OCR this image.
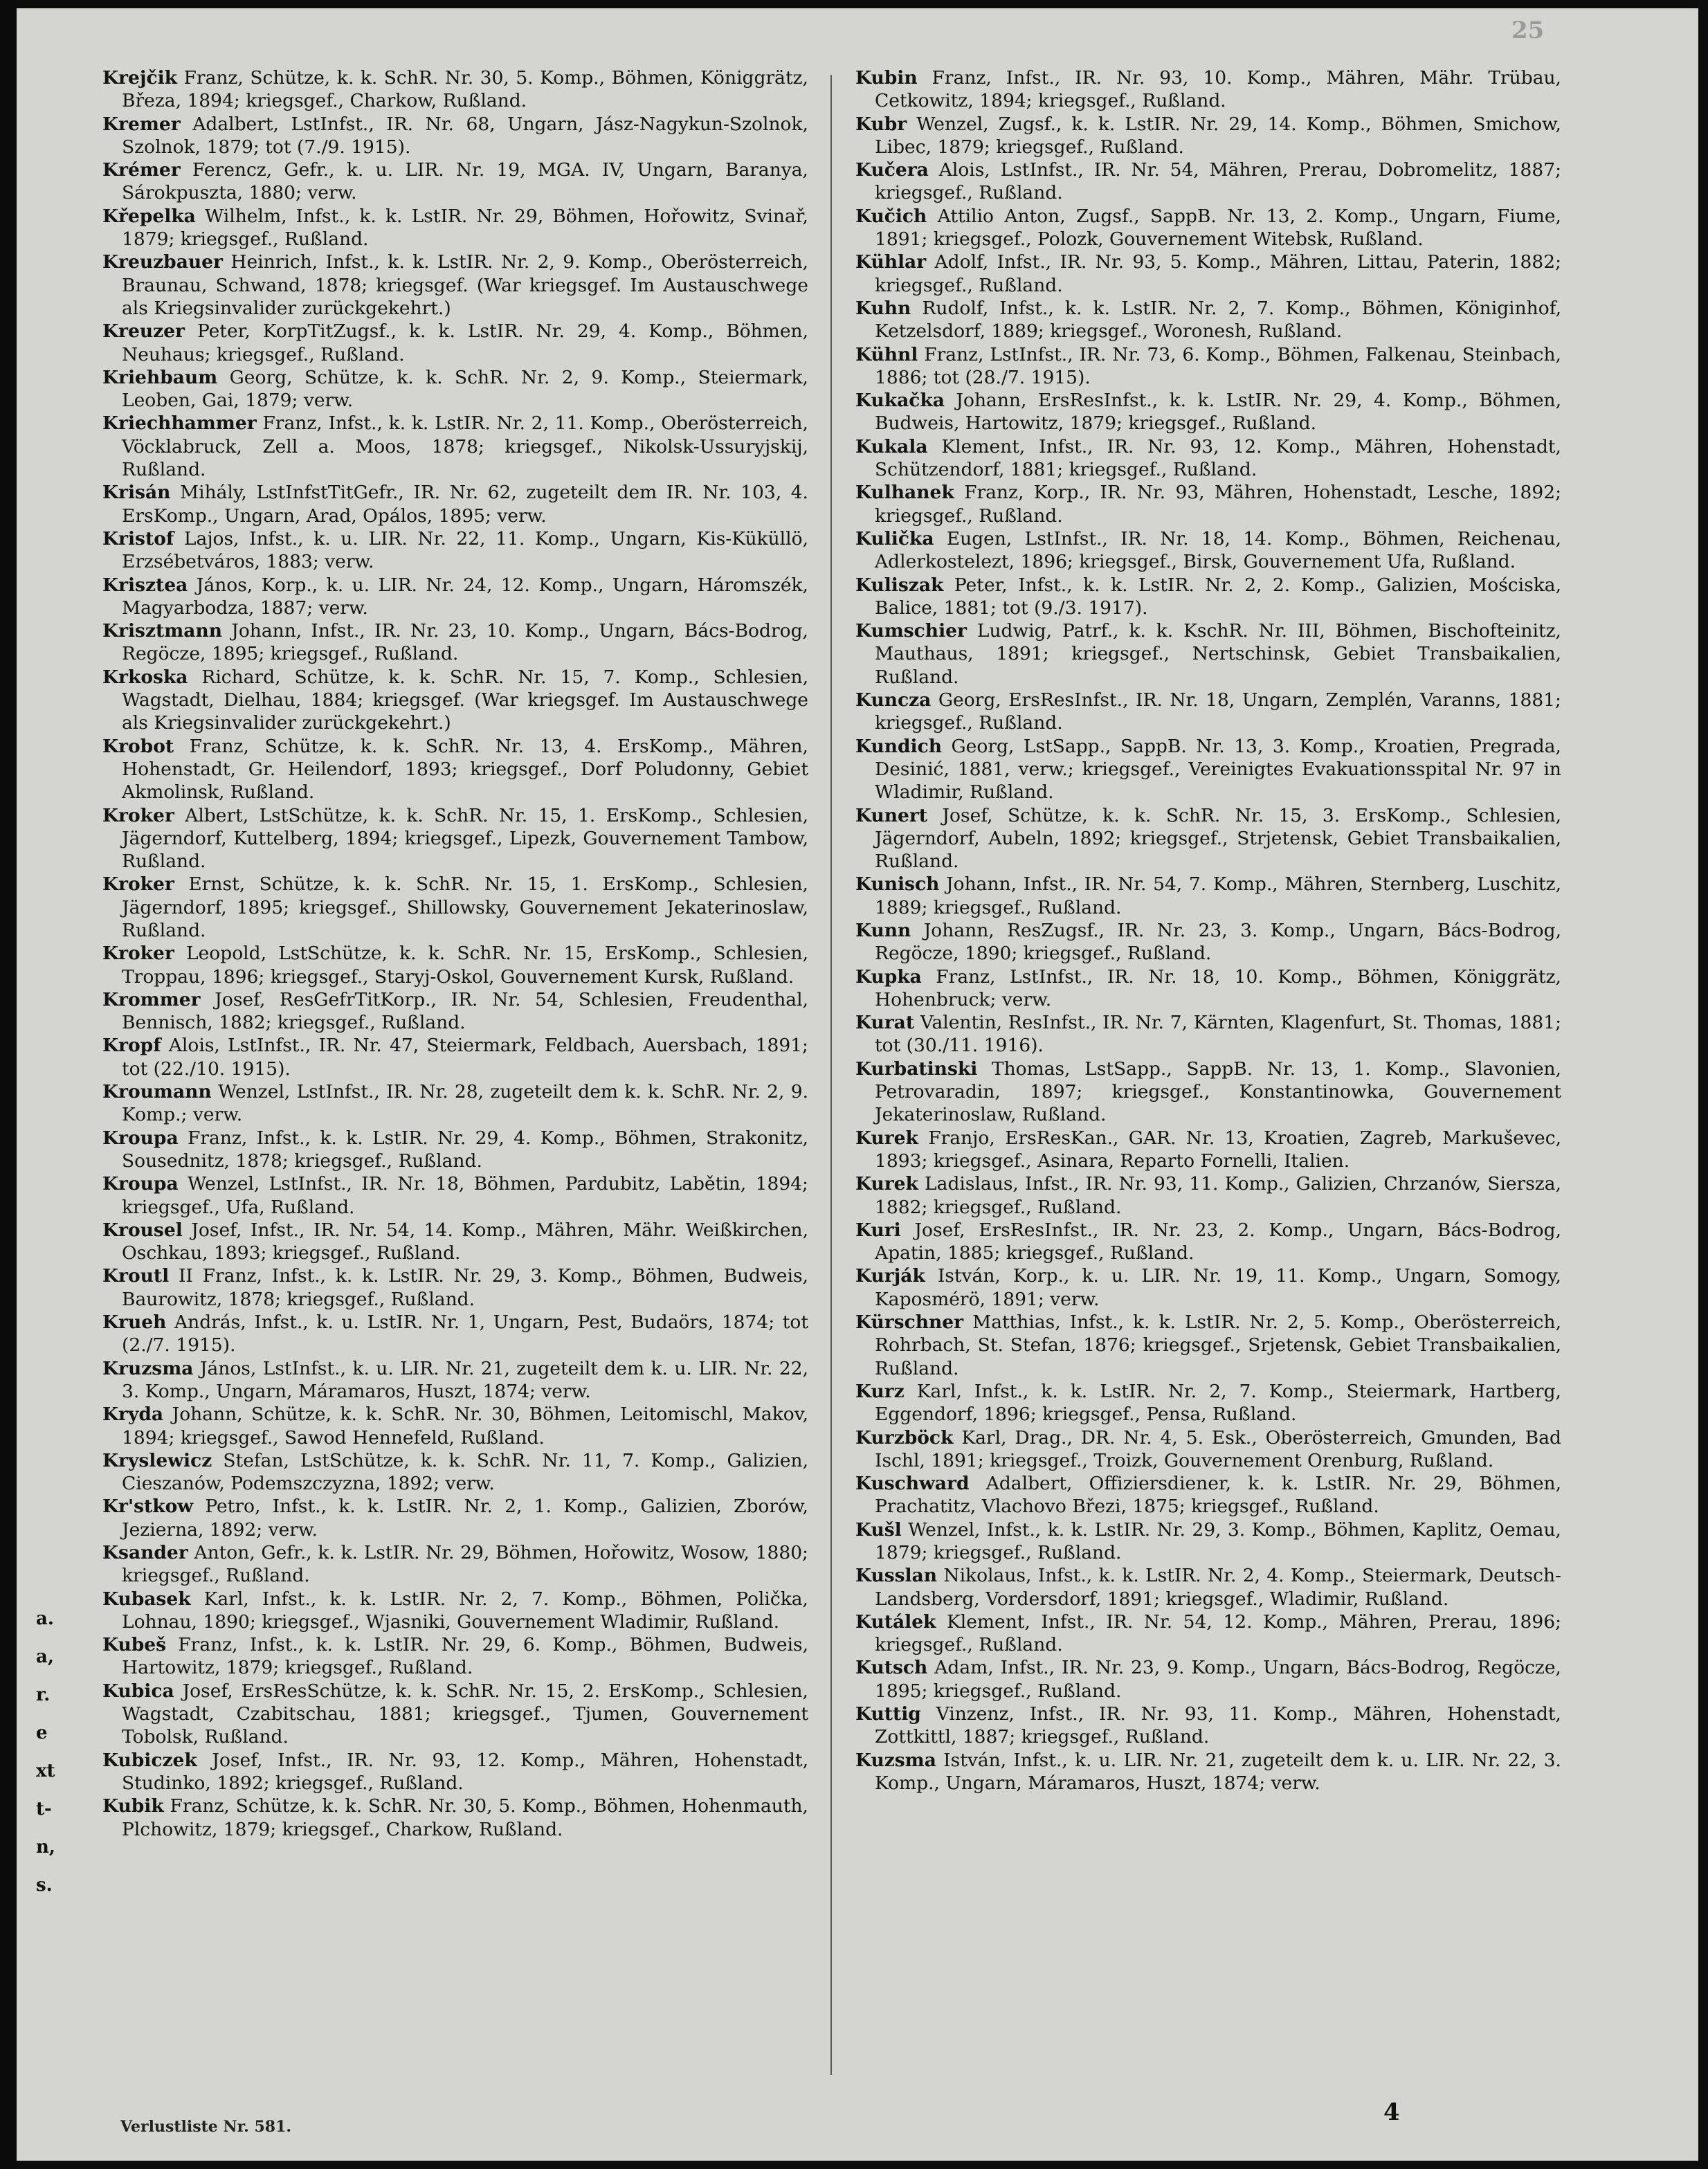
25

Krejčik Franz, Schütze, k. k. SchR. Nr. 30, 5. Komp., Böhmen, Königgrätz, Březa, 1894; kriegsgef., Charkow, Rußland.

Kremer Adalbert, LstInfst., IR. Nr. 68, Ungarn, Jász-Nagykun-Szolnok, Szolnok, 1879; tot (7./9. 1915).

Krémer Ferencz, Gefr., k. u. LIR. Nr. 19, MGA. IV, Ungarn, Baranya, Sárokpuszta, 1880; verw.

Křepelka Wilhelm, Infst., k. k. LstIR. Nr. 29, Böhmen, Hořowitz, Svinař, 1879; kriegsgef., Rußland.

Kreuzbauer Heinrich, Infst., k. k. LstIR. Nr. 2, 9. Komp., Oberösterreich, Braunau, Schwand, 1878; kriegsgef. (War kriegsgef. Im Austauschwege als Kriegsinvalider zurückgekehrt.)

Kreuzer Peter, KorpTitZugsf., k. k. LstIR. Nr. 29, 4. Komp., Böhmen, Neuhaus; kriegsgef., Rußland.

Kriehbaum Georg, Schütze, k. k. SchR. Nr. 2, 9. Komp., Steiermark, Leoben, Gai, 1879; verw.

Kriechhammer Franz, Infst., k. k. LstIR. Nr. 2, 11. Komp., Oberösterreich, Vöcklabruck, Zell a. Moos, 1878; kriegsgef., Nikolsk-Ussuryjskij, Rußland.

Krisán Mihály, LstInfstTitGefr., IR. Nr. 62, zugeteilt dem IR. Nr. 103, 4. ErsKomp., Ungarn, Arad, Opálos, 1895; verw.

Kristof Lajos, Infst., k. u. LIR. Nr. 22, 11. Komp., Ungarn, Kis-Küküllö, Erzsébetváros, 1883; verw.

Krisztea János, Korp., k. u. LIR. Nr. 24, 12. Komp., Ungarn, Háromszék, Magyarbodza, 1887; verw.

Krisztmann Johann, Infst., IR. Nr. 23, 10. Komp., Ungarn, Bács-Bodrog, Regöcze, 1895; kriegsgef., Rußland.

Krkoska Richard, Schütze, k. k. SchR. Nr. 15, 7. Komp., Schlesien, Wagstadt, Dielhau, 1884; kriegsgef. (War kriegsgef. Im Austauschwege als Kriegsinvalider zurückgekehrt.)

Krobot Franz, Schütze, k. k. SchR. Nr. 13, 4. ErsKomp., Mähren, Hohenstadt, Gr. Heilendorf, 1893; kriegsgef., Dorf Poludonny, Gebiet Akmolinsk, Rußland.

Kroker Albert, LstSchütze, k. k. SchR. Nr. 15, 1. ErsKomp., Schlesien, Jägerndorf, Kuttelberg, 1894; kriegsgef., Lipezk, Gouvernement Tambow, Rußland.

Kroker Ernst, Schütze, k. k. SchR. Nr. 15, 1. ErsKomp., Schlesien, Jägerndorf, 1895; kriegsgef., Shillowsky, Gouvernement Jekaterinoslaw, Rußland.

Kroker Leopold, LstSchütze, k. k. SchR. Nr. 15, ErsKomp., Schlesien, Troppau, 1896; kriegsgef., Staryj-Oskol, Gouvernement Kursk, Rußland.

Krommer Josef, ResGefrTitKorp., IR. Nr. 54, Schlesien, Freudenthal, Bennisch, 1882; kriegsgef., Rußland.

Kropf Alois, LstInfst., IR. Nr. 47, Steiermark, Feldbach, Auersbach, 1891; tot (22./10. 1915).

Kroumann Wenzel, LstInfst., IR. Nr. 28, zugeteilt dem k. k. SchR. Nr. 2, 9. Komp.; verw.

Kroupa Franz, Infst., k. k. LstIR. Nr. 29, 4. Komp., Böhmen, Strakonitz, Sousednitz, 1878; kriegsgef., Rußland.

Kroupa Wenzel, LstInfst., IR. Nr. 18, Böhmen, Pardubitz, Labětin, 1894; kriegsgef., Ufa, Rußland.

Krousel Josef, Infst., IR. Nr. 54, 14. Komp., Mähren, Mähr. Weißkirchen, Oschkau, 1893; kriegsgef., Rußland.

Kroutl II Franz, Infst., k. k. LstIR. Nr. 29, 3. Komp., Böhmen, Budweis, Baurowitz, 1878; kriegsgef., Rußland.

Krueh András, Infst., k. u. LstIR. Nr. 1, Ungarn, Pest, Budaörs, 1874; tot (2./7. 1915).

Kruzsma János, LstInfst., k. u. LIR. Nr. 21, zugeteilt dem k. u. LIR. Nr. 22, 3. Komp., Ungarn, Máramaros, Huszt, 1874; verw.

Kryda Johann, Schütze, k. k. SchR. Nr. 30, Böhmen, Leitomischl, Makov, 1894; kriegsgef., Sawod Hennefeld, Rußland.

Kryslewicz Stefan, LstSchütze, k. k. SchR. Nr. 11, 7. Komp., Galizien, Cieszanów, Podemszczyzna, 1892; verw.

Kr'stkow Petro, Infst., k. k. LstIR. Nr. 2, 1. Komp., Galizien, Zborów, Jezierna, 1892; verw.

Ksander Anton, Gefr., k. k. LstIR. Nr. 29, Böhmen, Hořowitz, Wosow, 1880; kriegsgef., Rußland.

Kubasek Karl, Infst., k. k. LstIR. Nr. 2, 7. Komp., Böhmen, Polička, Lohnau, 1890; kriegsgef., Wjasniki, Gouvernement Wladimir, Rußland.

Kubeš Franz, Infst., k. k. LstIR. Nr. 29, 6. Komp., Böhmen, Budweis, Hartowitz, 1879; kriegsgef., Rußland.

Kubica Josef, ErsResSchütze, k. k. SchR. Nr. 15, 2. ErsKomp., Schlesien, Wagstadt, Czabitschau, 1881; kriegsgef., Tjumen, Gouvernement Tobolsk, Rußland.

Kubiczek Josef, Infst., IR. Nr. 93, 12. Komp., Mähren, Hohenstadt, Studinko, 1892; kriegsgef., Rußland.

Kubik Franz, Schütze, k. k. SchR. Nr. 30, 5. Komp., Böhmen, Hohenmauth, Plchowitz, 1879; kriegsgef., Charkow, Rußland.

Kubin Franz, Infst., IR. Nr. 93, 10. Komp., Mähren, Mähr. Trübau, Cetkowitz, 1894; kriegsgef., Rußland.

Kubr Wenzel, Zugsf., k. k. LstIR. Nr. 29, 14. Komp., Böhmen, Smichow, Libec, 1879; kriegsgef., Rußland.

Kučera Alois, LstInfst., IR. Nr. 54, Mähren, Prerau, Dobromelitz, 1887; kriegsgef., Rußland.

Kučich Attilio Anton, Zugsf., SappB. Nr. 13, 2. Komp., Ungarn, Fiume, 1891; kriegsgef., Polozk, Gouvernement Witebsk, Rußland.

Kühlar Adolf, Infst., IR. Nr. 93, 5. Komp., Mähren, Littau, Paterin, 1882; kriegsgef., Rußland.

Kuhn Rudolf, Infst., k. k. LstIR. Nr. 2, 7. Komp., Böhmen, Königinhof, Ketzelsdorf, 1889; kriegsgef., Woronesh, Rußland.

Kühnl Franz, LstInfst., IR. Nr. 73, 6. Komp., Böhmen, Falkenau, Steinbach, 1886; tot (28./7. 1915).

Kukačka Johann, ErsResInfst., k. k. LstIR. Nr. 29, 4. Komp., Böhmen, Budweis, Hartowitz, 1879; kriegsgef., Rußland.

Kukala Klement, Infst., IR. Nr. 93, 12. Komp., Mähren, Hohenstadt, Schützendorf, 1881; kriegsgef., Rußland.

Kulhanek Franz, Korp., IR. Nr. 93, Mähren, Hohenstadt, Lesche, 1892; kriegsgef., Rußland.

Kulička Eugen, LstInfst., IR. Nr. 18, 14. Komp., Böhmen, Reichenau, Adlerkostelezt, 1896; kriegsgef., Birsk, Gouvernement Ufa, Rußland.

Kuliszak Peter, Infst., k. k. LstIR. Nr. 2, 2. Komp., Galizien, Mościska, Balice, 1881; tot (9./3. 1917).

Kumschier Ludwig, Patrf., k. k. KschR. Nr. III, Böhmen, Bischofteinitz, Mauthaus, 1891; kriegsgef., Nertschinsk, Gebiet Transbaikalien, Rußland.

Kuncza Georg, ErsResInfst., IR. Nr. 18, Ungarn, Zemplén, Varanns, 1881; kriegsgef., Rußland.

Kundich Georg, LstSapp., SappB. Nr. 13, 3. Komp., Kroatien, Pregrada, Desinić, 1881, verw.; kriegsgef., Vereinigtes Evakuationsspital Nr. 97 in Wladimir, Rußland.

Kunert Josef, Schütze, k. k. SchR. Nr. 15, 3. ErsKomp., Schlesien, Jägerndorf, Aubeln, 1892; kriegsgef., Strjetensk, Gebiet Transbaikalien, Rußland.

Kunisch Johann, Infst., IR. Nr. 54, 7. Komp., Mähren, Sternberg, Luschitz, 1889; kriegsgef., Rußland.

Kunn Johann, ResZugsf., IR. Nr. 23, 3. Komp., Ungarn, Bács-Bodrog, Regöcze, 1890; kriegsgef., Rußland.

Kupka Franz, LstInfst., IR. Nr. 18, 10. Komp., Böhmen, Königgrätz, Hohenbruck; verw.

Kurat Valentin, ResInfst., IR. Nr. 7, Kärnten, Klagenfurt, St. Thomas, 1881; tot (30./11. 1916).

Kurbatinski Thomas, LstSapp., SappB. Nr. 13, 1. Komp., Slavonien, Petrovaradin, 1897; kriegsgef., Konstantinowka, Gouvernement Jekaterinoslaw, Rußland.

Kurek Franjo, ErsResKan., GAR. Nr. 13, Kroatien, Zagreb, Markuševec, 1893; kriegsgef., Asinara, Reparto Fornelli, Italien.

Kurek Ladislaus, Infst., IR. Nr. 93, 11. Komp., Galizien, Chrzanów, Siersza, 1882; kriegsgef., Rußland.

Kuri Josef, ErsResInfst., IR. Nr. 23, 2. Komp., Ungarn, Bács-Bodrog, Apatin, 1885; kriegsgef., Rußland.

Kurják István, Korp., k. u. LIR. Nr. 19, 11. Komp., Ungarn, Somogy, Kaposmérö, 1891; verw.

Kürschner Matthias, Infst., k. k. LstIR. Nr. 2, 5. Komp., Oberösterreich, Rohrbach, St. Stefan, 1876; kriegsgef., Srjetensk, Gebiet Transbaikalien, Rußland.

Kurz Karl, Infst., k. k. LstIR. Nr. 2, 7. Komp., Steiermark, Hartberg, Eggendorf, 1896; kriegsgef., Pensa, Rußland.

Kurzböck Karl, Drag., DR. Nr. 4, 5. Esk., Oberösterreich, Gmunden, Bad Ischl, 1891; kriegsgef., Troizk, Gouvernement Orenburg, Rußland.

Kuschward Adalbert, Offiziersdiener, k. k. LstIR. Nr. 29, Böhmen, Prachatitz, Vlachovo Březi, 1875; kriegsgef., Rußland.

Kušl Wenzel, Infst., k. k. LstIR. Nr. 29, 3. Komp., Böhmen, Kaplitz, Oemau, 1879; kriegsgef., Rußland.

Kusslan Nikolaus, Infst., k. k. LstIR. Nr. 2, 4. Komp., Steiermark, Deutsch-Landsberg, Vordersdorf, 1891; kriegsgef., Wladimir, Rußland.

Kutálek Klement, Infst., IR. Nr. 54, 12. Komp., Mähren, Prerau, 1896; kriegsgef., Rußland.

Kutsch Adam, Infst., IR. Nr. 23, 9. Komp., Ungarn, Bács-Bodrog, Regöcze, 1895; kriegsgef., Rußland.

Kuttig Vinzenz, Infst., IR. Nr. 93, 11. Komp., Mähren, Hohenstadt, Zottkittl, 1887; kriegsgef., Rußland.

Kuzsma István, Infst., k. u. LIR. Nr. 21, zugeteilt dem k. u. LIR. Nr. 22, 3. Komp., Ungarn, Máramaros, Huszt, 1874; verw.

a.
a,
r.
e
xt
t-
n,
s.
Verlustliste Nr. 581.
4
